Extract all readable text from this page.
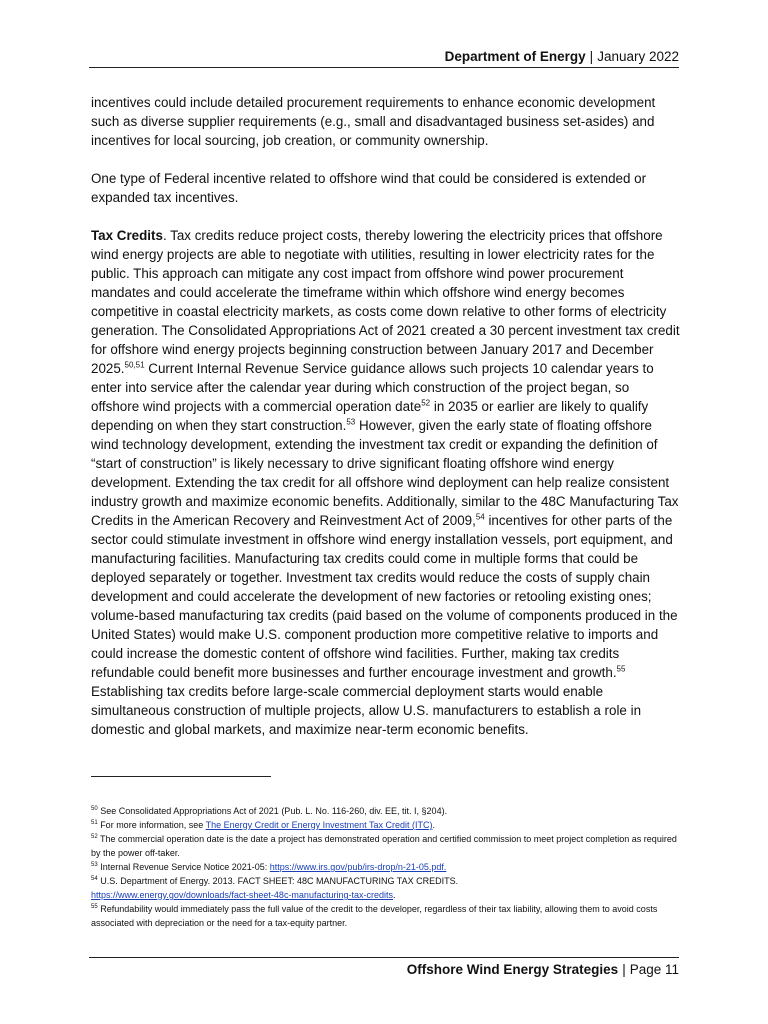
Department of Energy | January 2022

incentives could include detailed procurement requirements to enhance economic development such as diverse supplier requirements (e.g., small and disadvantaged business set-asides) and incentives for local sourcing, job creation, or community ownership.

One type of Federal incentive related to offshore wind that could be considered is extended or expanded tax incentives.

Tax Credits. Tax credits reduce project costs, thereby lowering the electricity prices that offshore wind energy projects are able to negotiate with utilities, resulting in lower electricity rates for the public. This approach can mitigate any cost impact from offshore wind power procurement mandates and could accelerate the timeframe within which offshore wind energy becomes competitive in coastal electricity markets, as costs come down relative to other forms of electricity generation. The Consolidated Appropriations Act of 2021 created a 30 percent investment tax credit for offshore wind energy projects beginning construction between January 2017 and December 2025.$^{50,51}$ Current Internal Revenue Service guidance allows such projects 10 calendar years to enter into service after the calendar year during which construction of the project began, so offshore wind projects with a commercial operation date$^{52}$ in 2035 or earlier are likely to qualify depending on when they start construction.$^{53}$ However, given the early state of floating offshore wind technology development, extending the investment tax credit or expanding the definition of “start of construction” is likely necessary to drive significant floating offshore wind energy development. Extending the tax credit for all offshore wind deployment can help realize consistent industry growth and maximize economic benefits. Additionally, similar to the 48C Manufacturing Tax Credits in the American Recovery and Reinvestment Act of 2009,54 incentives for other parts of the sector could stimulate investment in offshore wind energy installation vessels, port equipment, and manufacturing facilities. Manufacturing tax credits could come in multiple forms that could be deployed separately or together. Investment tax credits would reduce the costs of supply chain development and could accelerate the development of new factories or retooling existing ones; volume-based manufacturing tax credits (paid based on the volume of components produced in the United States) would make U.S. component production more competitive relative to imports and could increase the domestic content of offshore wind facilities. Further, making tax credits refundable could benefit more businesses and further encourage investment and growth.$^{55}$ Establishing tax credits before large-scale commercial deployment starts would enable simultaneous construction of multiple projects, allow U.S. manufacturers to establish a role in domestic and global markets, and maximize near-term economic benefits.

$^{50}$ See Consolidated Appropriations Act of 2021 (Pub. L. No. 116-260, div. EE, tit. I, §204).

$^{51}$ For more information, see The Energy Credit or Energy Investment Tax Credit (ITC).

$^{52}$ The commercial operation date is the date a project has demonstrated operation and certified commission to meet project completion as required by the power off-taker.

$^{53}$ Internal Revenue Service Notice 2021-05: https://www.irs.gov/pub/irs-drop/n-21-05.pdf.

$^{54}$ U.S. Department of Energy. 2013. FACT SHEET: 48C MANUFACTURING TAX CREDITS.
https://www.energy.gov/downloads/fact-sheet-48c-manufacturing-tax-credits.

$^{55}$ Refundability would immediately pass the full value of the credit to the developer, regardless of their tax liability, allowing them to avoid costs associated with depreciation or the need for a tax-equity partner.

Offshore Wind Energy Strategies | Page 11
